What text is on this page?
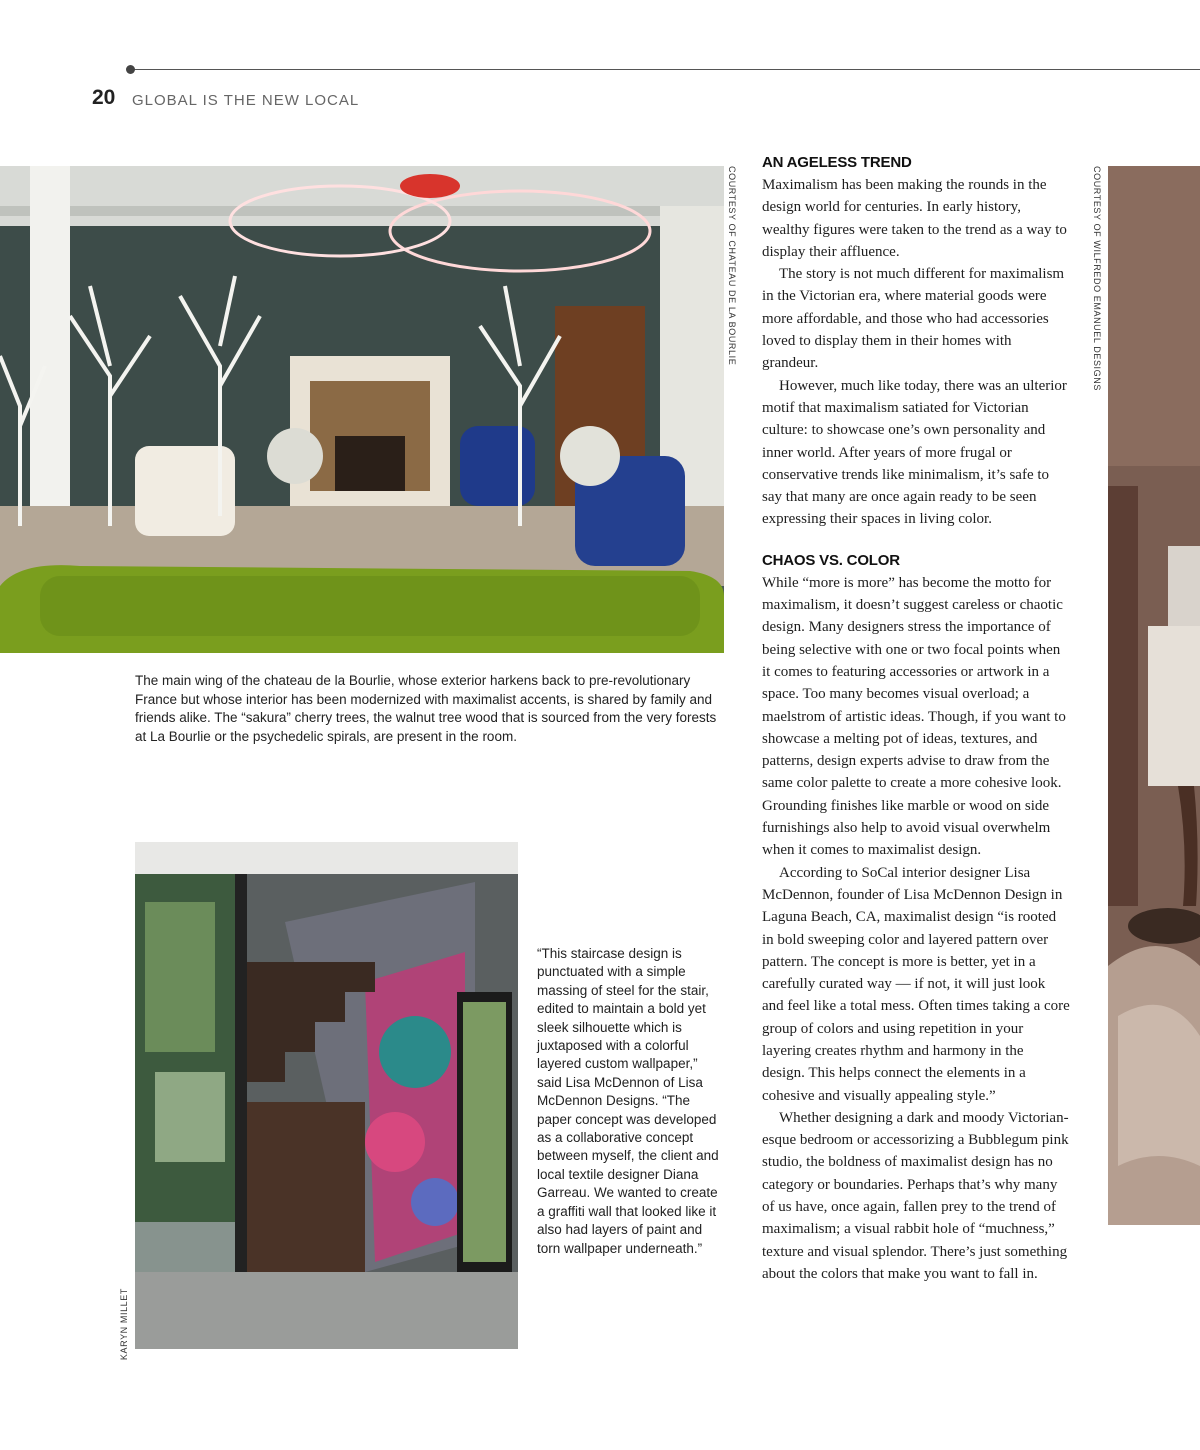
20 GLOBAL IS THE NEW LOCAL
COURTESY OF CHATEAU DE LA BOURLIE

The main wing of the chateau de la Bourlie, whose exterior harkens back to pre-revolutionary France but whose interior has been modernized with maximalist accents, is shared by family and friends alike. The “sakura” cherry trees, the walnut tree wood that is sourced from the very forests at La Bourlie or the psychedelic spirals, are present in the room.

KARYN MILLET

“This staircase design is punctuated with a simple massing of steel for the stair, edited to maintain a bold yet sleek silhouette which is juxtaposed with a colorful layered custom wallpaper,” said Lisa McDennon of Lisa McDennon Designs. “The paper concept was developed as a collaborative concept between myself, the client and local textile designer Diana Garreau. We wanted to create a graffiti wall that looked like it also had layers of paint and torn wallpaper underneath.”

AN AGELESS TREND

Maximalism has been making the rounds in the design world for centuries. In early history, wealthy figures were taken to the trend as a way to display their affluence.

The story is not much different for maximalism in the Victorian era, where material goods were more affordable, and those who had accessories loved to display them in their homes with grandeur.

However, much like today, there was an ulterior motif that maximalism satiated for Victorian culture: to showcase one’s own personality and inner world. After years of more frugal or conservative trends like minimalism, it’s safe to say that many are once again ready to be seen expressing their spaces in living color.

CHAOS VS. COLOR

While “more is more” has become the motto for maximalism, it doesn’t suggest careless or chaotic design. Many designers stress the importance of being selective with one or two focal points when it comes to featuring accessories or artwork in a space. Too many becomes visual overload; a maelstrom of artistic ideas. Though, if you want to showcase a melting pot of ideas, textures, and patterns, design experts advise to draw from the same color palette to create a more cohesive look. Grounding finishes like marble or wood on side furnishings also help to avoid visual overwhelm when it comes to maximalist design.

According to SoCal interior designer Lisa McDennon, founder of Lisa McDennon Design in Laguna Beach, CA, maximalist design “is rooted in bold sweeping color and layered pattern over pattern. The concept is more is better, yet in a carefully curated way — if not, it will just look and feel like a total mess. Often times taking a core group of colors and using repetition in your layering creates rhythm and harmony in the design. This helps connect the elements in a cohesive and visually appealing style.”

Whether designing a dark and moody Victorian-esque bedroom or accessorizing a Bubblegum pink studio, the boldness of maximalist design has no category or boundaries. Perhaps that’s why many of us have, once again, fallen prey to the trend of maximalism; a visual rabbit hole of “muchness,” texture and visual splendor. There’s just something about the colors that make you want to fall in.

COURTESY OF WILFREDO EMANUEL DESIGNS
